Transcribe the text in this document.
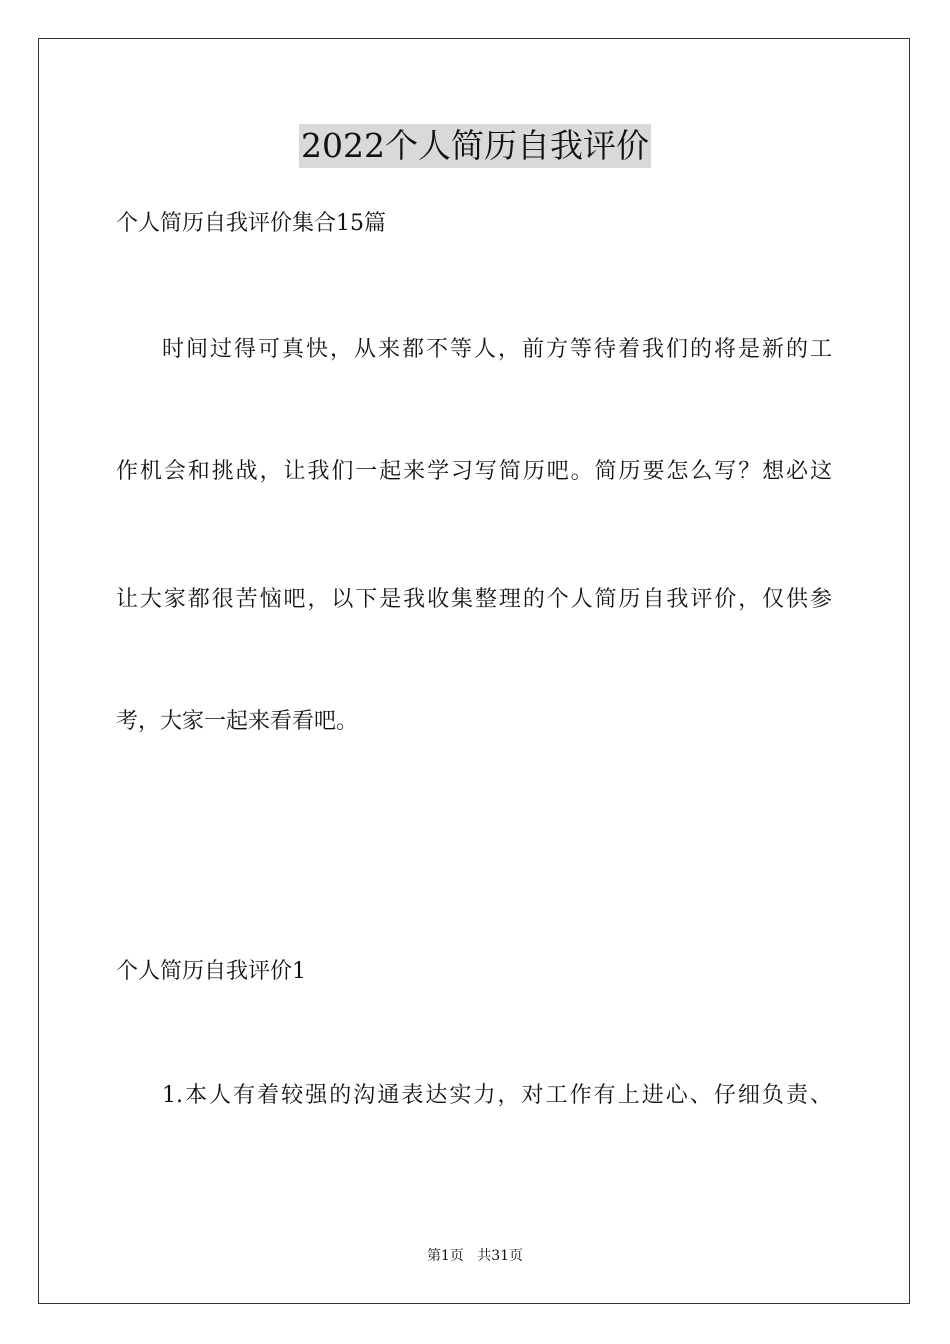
2022个人简历自我评价
个人简历自我评价集合15篇
时间过得可真快，从来都不等人，前方等待着我们的将是新的工
作机会和挑战，让我们一起来学习写简历吧。简历要怎么写？想必这
让大家都很苦恼吧，以下是我收集整理的个人简历自我评价，仅供参
考，大家一起来看看吧。
个人简历自我评价1
1.本人有着较强的沟通表达实力，对工作有上进心、仔细负责、
第1页 共31页
